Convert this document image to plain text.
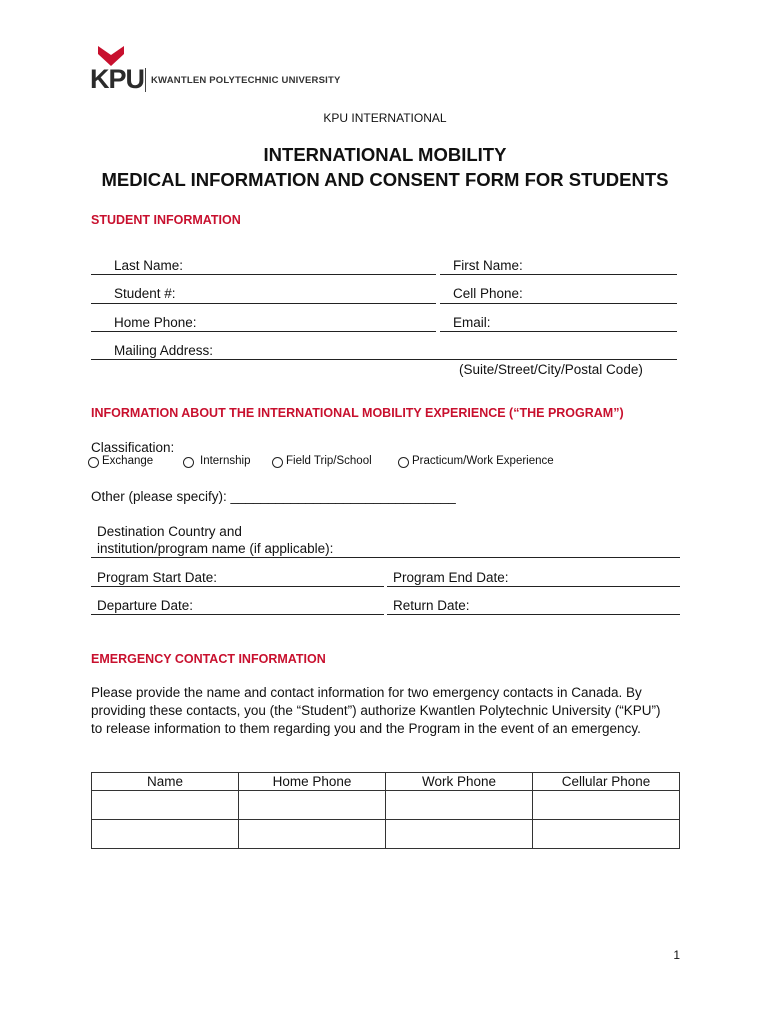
KPU KWANTLEN POLYTECHNIC UNIVERSITY
KPU INTERNATIONAL
INTERNATIONAL MOBILITY
MEDICAL INFORMATION AND CONSENT FORM FOR STUDENTS
STUDENT INFORMATION
Last Name:	First Name:
Student #:	Cell Phone:
Home Phone:	Email:
Mailing Address:
(Suite/Street/City/Postal Code)
INFORMATION ABOUT THE INTERNATIONAL MOBILITY EXPERIENCE (“THE PROGRAM”)
Classification:
Exchange	Internship	Field Trip/School	Practicum/Work Experience
Other (please specify): ______________________________
Destination Country and
institution/program name (if applicable):
Program Start Date:	Program End Date:
Departure Date:	Return Date:
EMERGENCY CONTACT INFORMATION
Please provide the name and contact information for two emergency contacts in Canada. By providing these contacts, you (the “Student”) authorize Kwantlen Polytechnic University (“KPU”) to release information to them regarding you and the Program in the event of an emergency.
Name	Home Phone	Work Phone	Cellular Phone

1
